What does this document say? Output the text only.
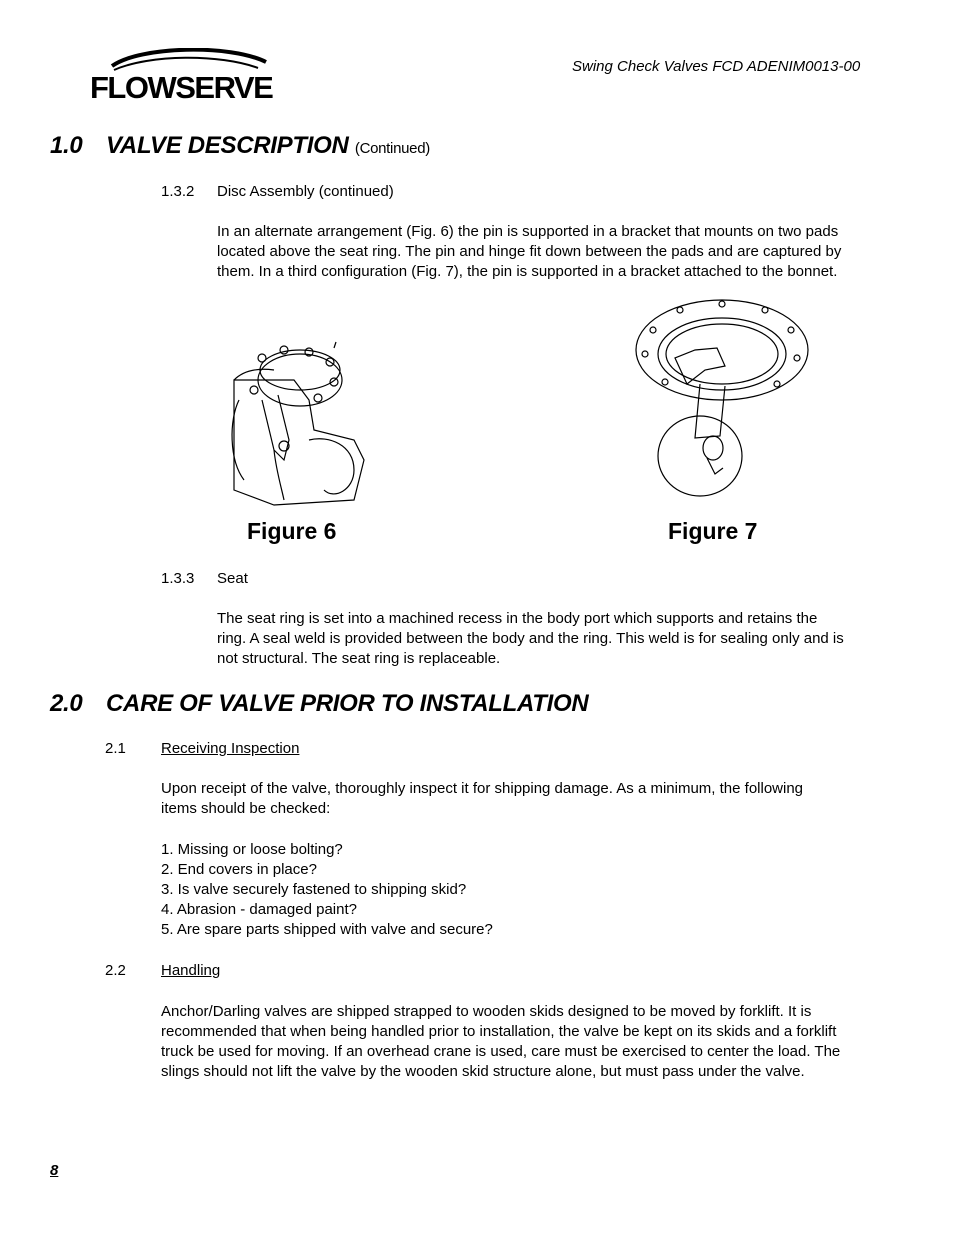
FLOWSERVE
Swing Check Valves FCD ADENIM0013-00
1.0 VALVE DESCRIPTION (Continued)
1.3.2 Disc Assembly (continued)
In an alternate arrangement (Fig. 6) the pin is supported in a bracket that mounts on two pads located above the seat ring. The pin and hinge fit down between the pads and are captured by them. In a third configuration (Fig. 7), the pin is supported in a bracket attached to the bonnet.
Figure 6	Figure 7
1.3.3 Seat
The seat ring is set into a machined recess in the body port which supports and retains the ring. A seal weld is provided between the body and the ring. This weld is for sealing only and is not structural. The seat ring is replaceable.
2.0 CARE OF VALVE PRIOR TO INSTALLATION
2.1 Receiving Inspection
Upon receipt of the valve, thoroughly inspect it for shipping damage. As a minimum, the following items should be checked:
1. Missing or loose bolting?
2. End covers in place?
3. Is valve securely fastened to shipping skid?
4. Abrasion - damaged paint?
5. Are spare parts shipped with valve and secure?
2.2 Handling
Anchor/Darling valves are shipped strapped to wooden skids designed to be moved by forklift. It is recommended that when being handled prior to installation, the valve be kept on its skids and a forklift truck be used for moving. If an overhead crane is used, care must be exercised to center the load. The slings should not lift the valve by the wooden skid structure alone, but must pass under the valve.
8
